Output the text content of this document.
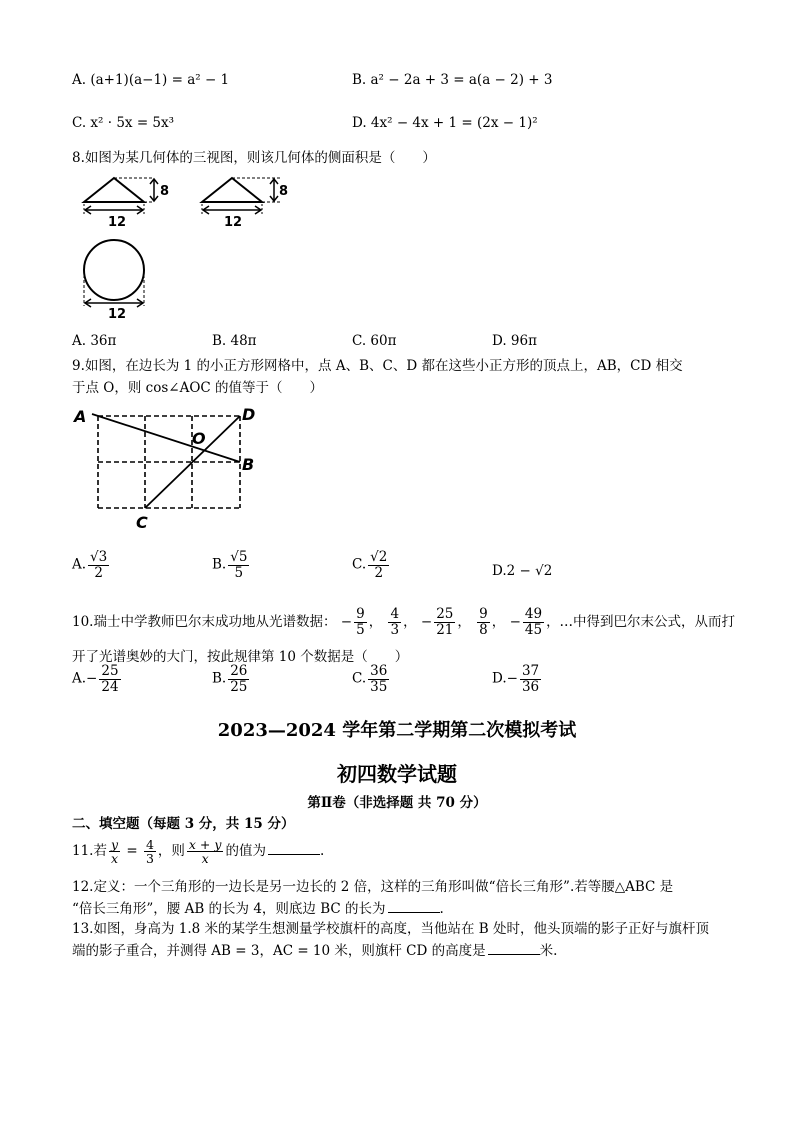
A. (a+1)(a−1) = a² − 1	B. a² − 2a + 3 = a(a − 2) + 3
C. x² · 5x = 5x³	D. 4x² − 4x + 1 = (2x − 1)²
8.如图为某几何体的三视图，则该几何体的侧面积是（　　）
8
12
8
12
12
A. 36π	B. 48π	C. 60π	D. 96π
9.如图，在边长为 1 的小正方形网格中，点 A、B、C、D 都在这些小正方形的顶点上，AB，CD 相交
于点 O，则 cos∠AOC 的值等于（　　）
A
B
C
D
O
A. $\frac{√3}{2}$	B. $\frac{√5}{5}$	C. $\frac{√2}{2}$	D.2 − √2
10.瑞士中学教师巴尔末成功地从光谱数据： − $\frac{9}{5}$ ， $\frac{4}{3}$ ， − $\frac{25}{21}$ ， $\frac{9}{8}$ ， − $\frac{49}{45}$ ，…中得到巴尔末公式，从而打
开了光谱奥妙的大门，按此规律第 10 个数据是（　　）
$A.- \frac{25}{24}$	B. $\frac{26}{25}$	C. $\frac{36}{35}$	$D.- \frac{37}{36}$
2023—2024 学年第二学期第二次模拟考试
初四数学试题
第Ⅱ卷（非选择题 共 70 分）
二、填空题（每题 3 分，共 15 分）
11.若 $\frac{y}{x} = \frac{4}{3}$ ，则 $\frac{x + y}{x}$ 的值为	.
12.定义：一个三角形的一边长是另一边长的 2 倍，这样的三角形叫做“倍长三角形”.若等腰△ABC 是
“倍长三角形”，腰 AB 的长为 4，则底边 BC 的长为	.
13.如图，身高为 1.8 米的某学生想测量学校旗杆的高度，当他站在 B 处时，他头顶端的影子正好与旗杆顶
端的影子重合，并测得 AB = 3，AC = 10 米，则旗杆 CD 的高度是	米.
